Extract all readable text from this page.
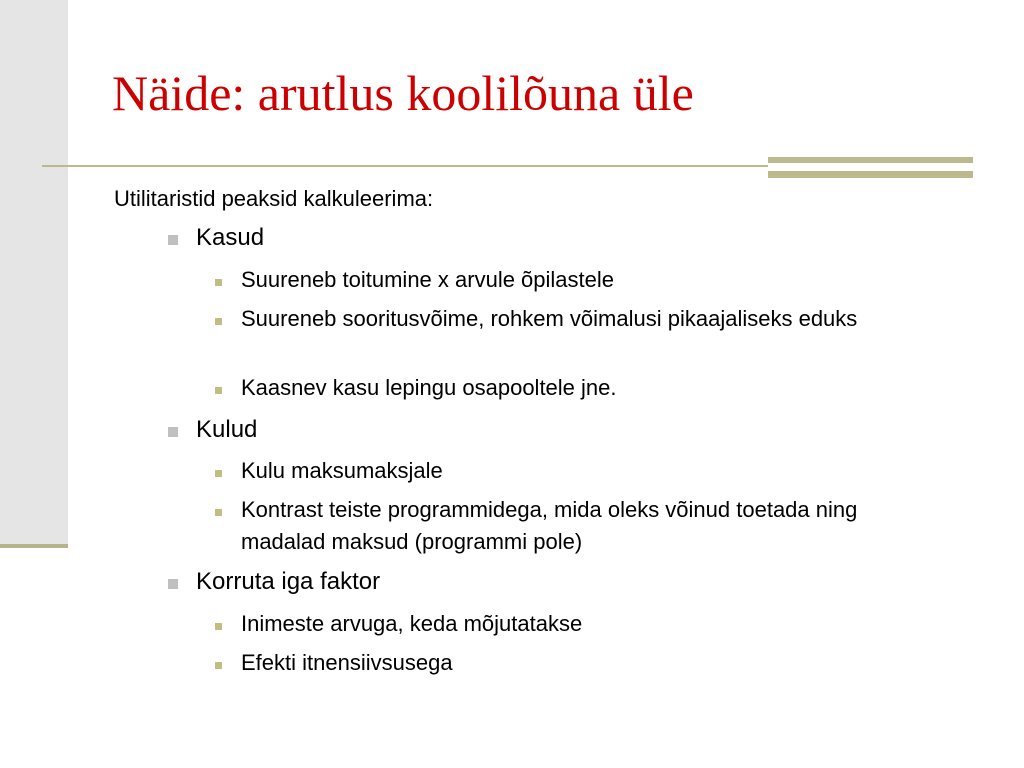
Näide: arutlus koolilõuna üle
Utilitaristid peaksid kalkuleerima:
Kasud
Suureneb toitumine x arvule õpilastele
Suureneb sooritusvõime, rohkem võimalusi pikaajaliseks eduks
Kaasnev kasu lepingu osapooltele jne.
Kulud
Kulu maksumaksjale
Kontrast teiste programmidega, mida oleks võinud toetada ning madalad maksud (programmi pole)
Korruta iga faktor
Inimeste arvuga, keda mõjutatakse
Efekti itnensiivsusega
